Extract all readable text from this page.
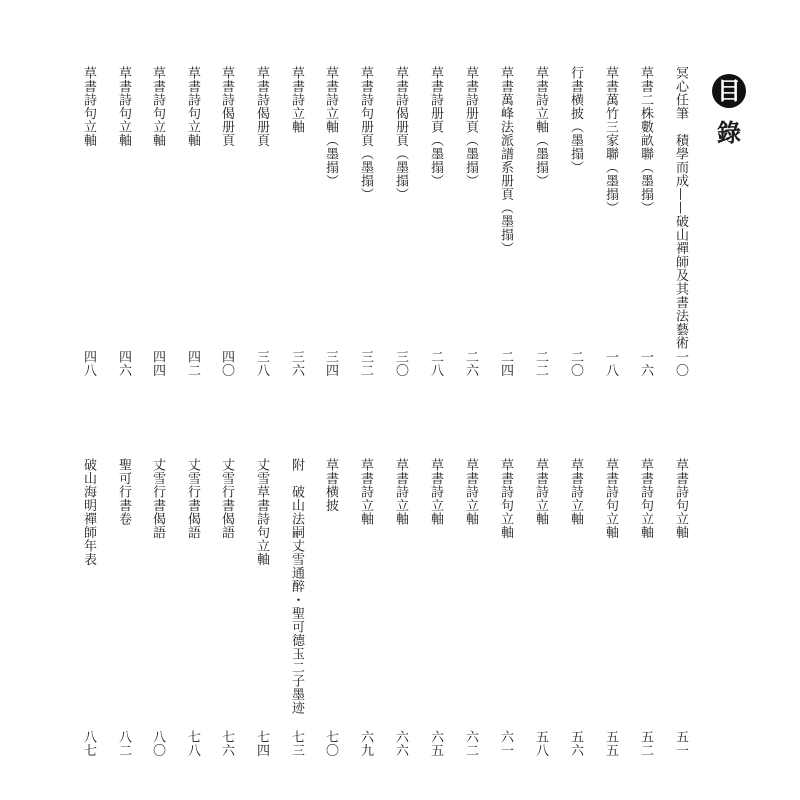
目
錄
冥心任筆　積學而成——破山禪師及其書法藝術
一〇
草書二株數畝聯（墨搨）
一六
草書萬竹三家聯（墨搨）
一八
行書横披（墨搨）
二〇
草書詩立軸（墨搨）
二二
草書萬峰法派譜系册頁（墨搨）
二四
草書詩册頁（墨搨）
二六
草書詩册頁（墨搨）
二八
草書詩偈册頁（墨搨）
三〇
草書詩句册頁（墨搨）
三二
草書詩立軸（墨搨）
三四
草書詩立軸
三六
草書詩偈册頁
三八
草書詩偈册頁
四〇
草書詩句立軸
四二
草書詩句立軸
四四
草書詩句立軸
四六
草書詩句立軸
四八
草書詩句立軸
五一
草書詩句立軸
五二
草書詩句立軸
五五
草書詩立軸
五六
草書詩立軸
五八
草書詩句立軸
六一
草書詩立軸
六二
草書詩立軸
六五
草書詩立軸
六六
草書詩立軸
六九
草書横披
七〇
附　破山法嗣丈雪通醉・聖可德玉二子墨迹
七三
丈雪草書詩句立軸
七四
丈雪行書偈語
七六
丈雪行書偈語
七八
丈雪行書偈語
八〇
聖可行書卷
八二
破山海明禪師年表
八七
